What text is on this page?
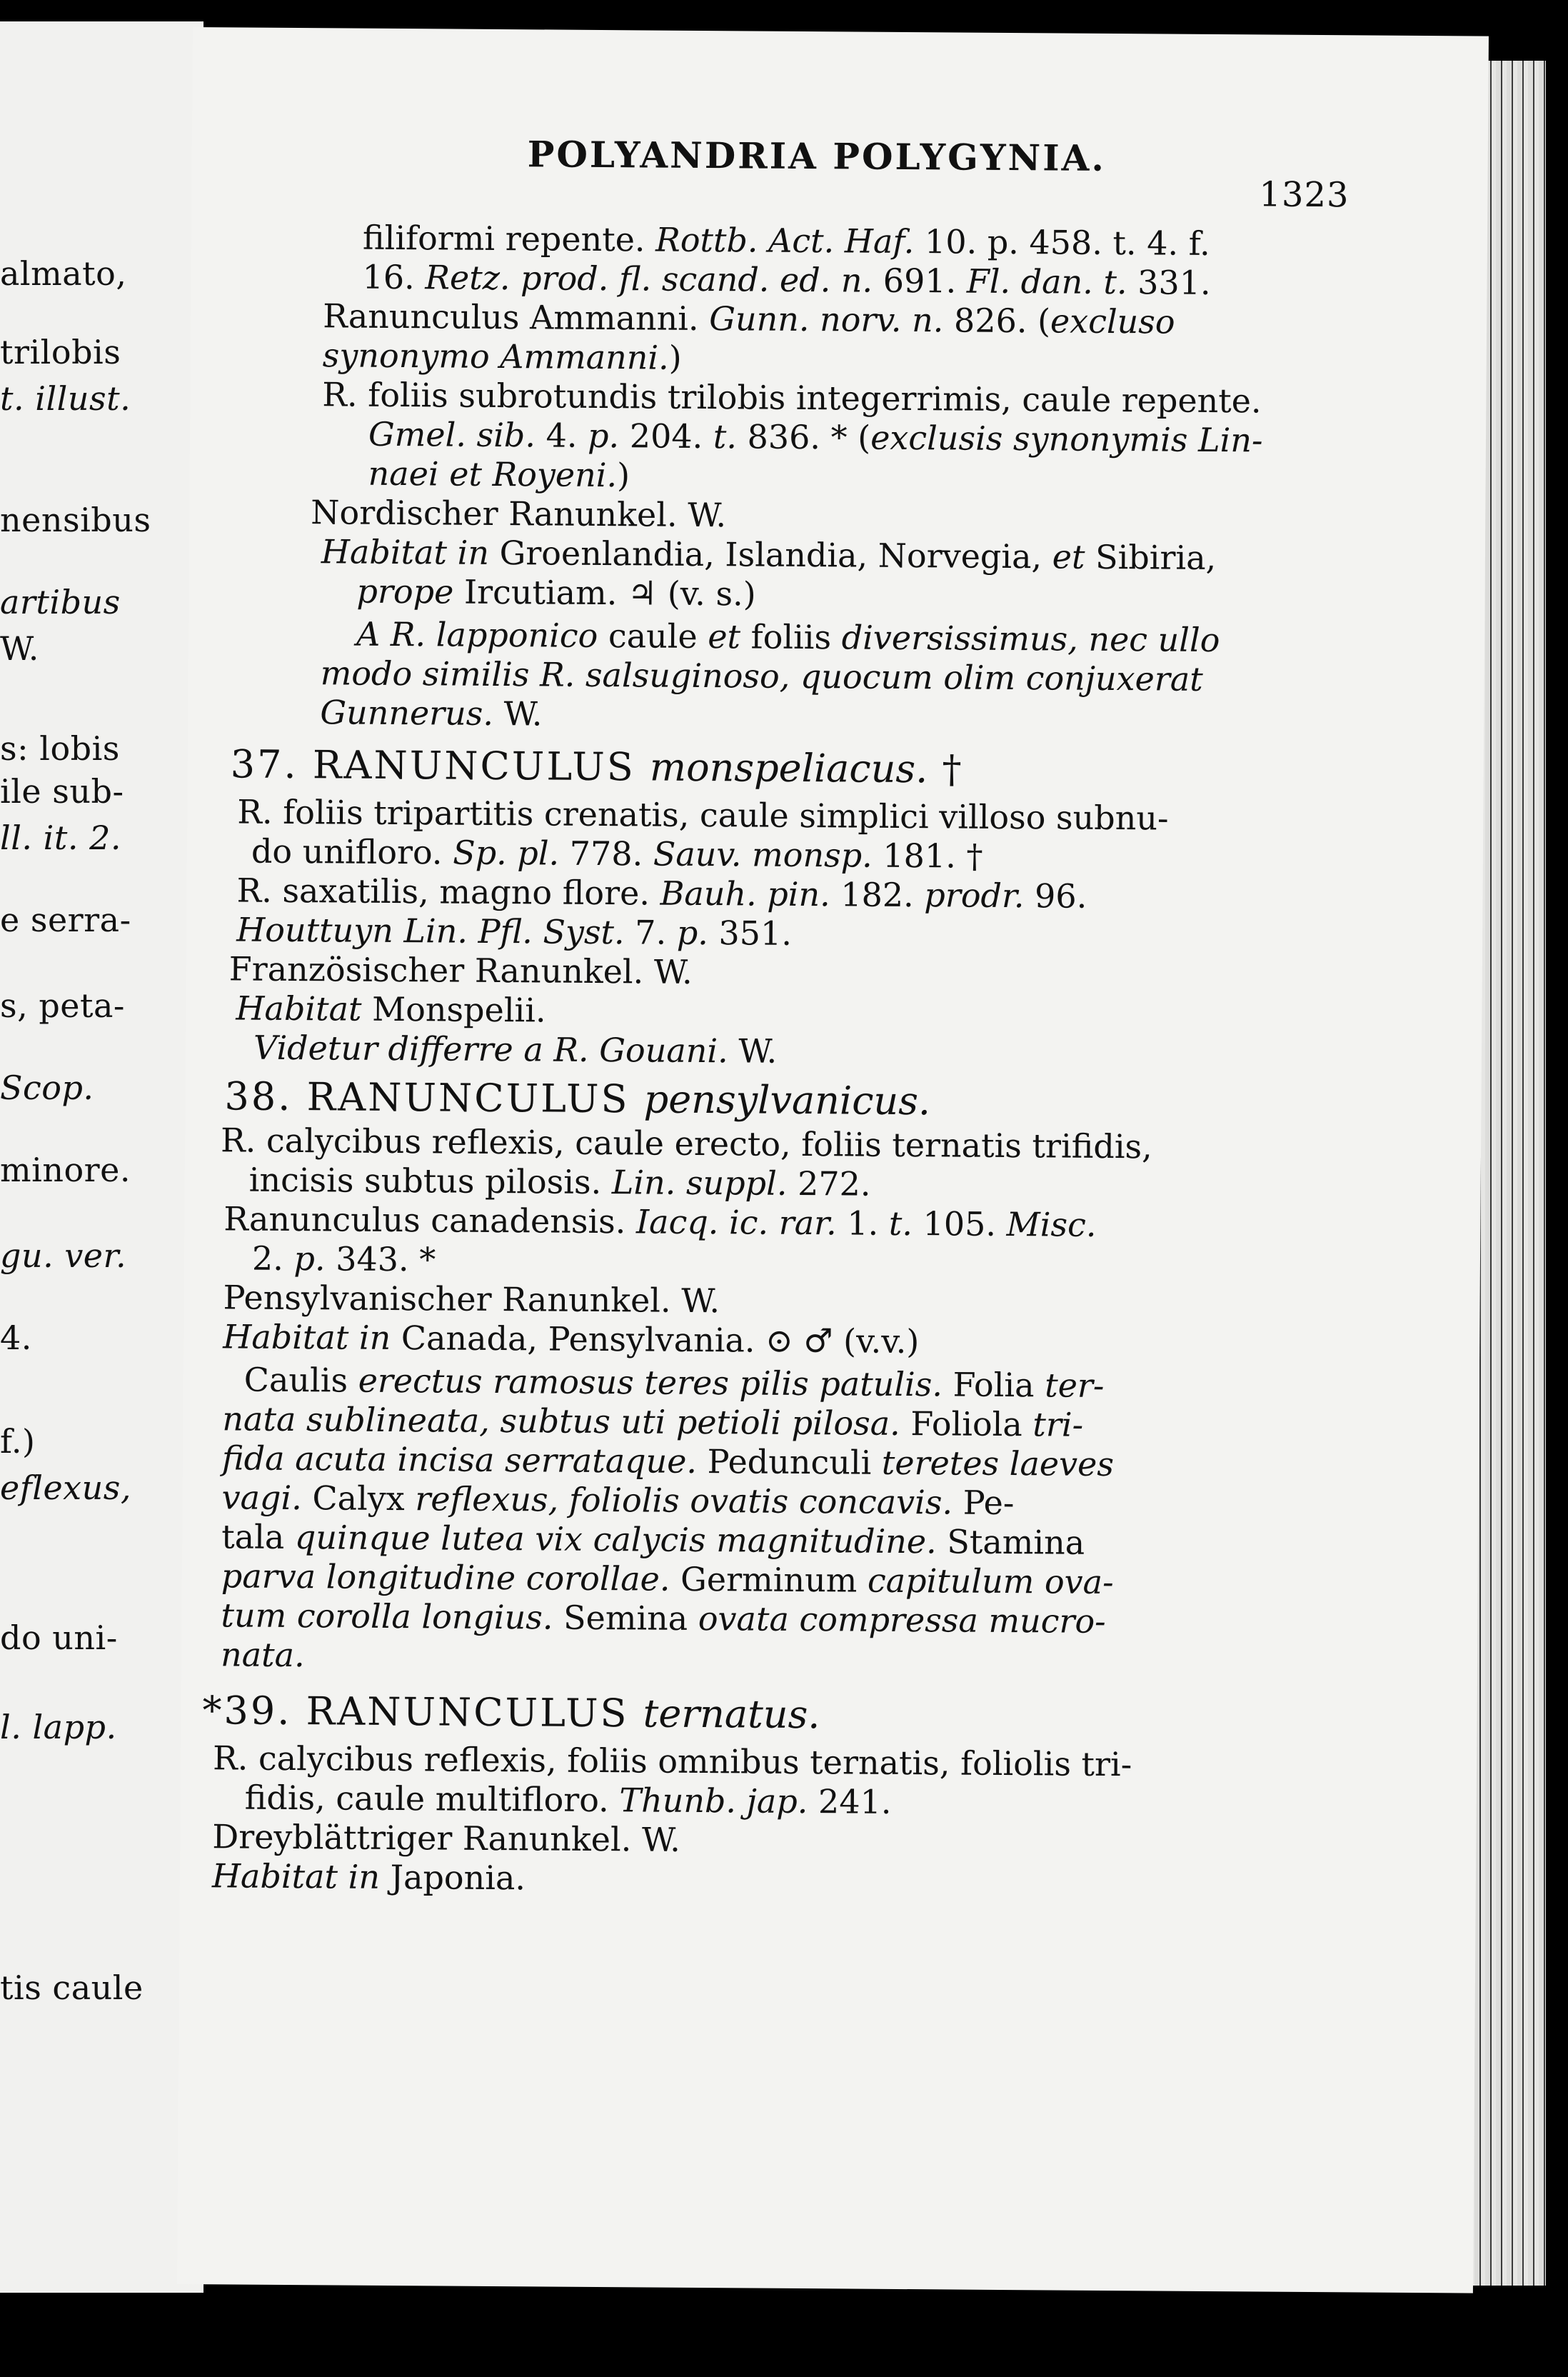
almato,
trilobis
t. illust.
nensibus
artibus
W.
s: lobis
ile sub-
ll. it. 2.
e serra-
s, peta-
Scop.
minore.
gu. ver.
4.
f.)
eflexus,
do uni-
l. lapp.
tis caule
POLYANDRIA POLYGYNIA.
1323
filiformi repente. Rottb. Act. Haf. 10. p. 458. t. 4. f.
16. Retz. prod. fl. scand. ed. n. 691. Fl. dan. t. 331.
Ranunculus Ammanni. Gunn. norv. n. 826. (excluso
synonymo Ammanni.)
R. foliis subrotundis trilobis integerrimis, caule repente.
Gmel. sib. 4. p. 204. t. 836. * (exclusis synonymis Lin-
naei et Royeni.)
Nordischer Ranunkel. W.
Habitat in Groenlandia, Islandia, Norvegia, et Sibiria,
prope Ircutiam. ♃ (v. s.)
A R. lapponico caule et foliis diversissimus, nec ullo
modo similis R. salsuginoso, quocum olim conjuxerat
Gunnerus. W.
37. RANUNCULUS monspeliacus. †
R. foliis tripartitis crenatis, caule simplici villoso subnu-
do unifloro. Sp. pl. 778. Sauv. monsp. 181. †
R. saxatilis, magno flore. Bauh. pin. 182. prodr. 96.
Houttuyn Lin. Pfl. Syst. 7. p. 351.
Französischer Ranunkel. W.
Habitat Monspelii.
Videtur differre a R. Gouani. W.
38. RANUNCULUS pensylvanicus.
R. calycibus reflexis, caule erecto, foliis ternatis trifidis,
incisis subtus pilosis. Lin. suppl. 272.
Ranunculus canadensis. Iacq. ic. rar. 1. t. 105. Misc.
2. p. 343. *
Pensylvanischer Ranunkel. W.
Habitat in Canada, Pensylvania. ⊙ ♂ (v.v.)
Caulis erectus ramosus teres pilis patulis. Folia ter-
nata sublineata, subtus uti petioli pilosa. Foliola tri-
fida acuta incisa serrataque. Pedunculi teretes laeves
vagi. Calyx reflexus, foliolis ovatis concavis. Pe-
tala quinque lutea vix calycis magnitudine. Stamina
parva longitudine corollae. Germinum capitulum ova-
tum corolla longius. Semina ovata compressa mucro-
nata.
*39. RANUNCULUS ternatus.
R. calycibus reflexis, foliis omnibus ternatis, foliolis tri-
fidis, caule multifloro. Thunb. jap. 241.
Dreyblättriger Ranunkel. W.
Habitat in Japonia.
